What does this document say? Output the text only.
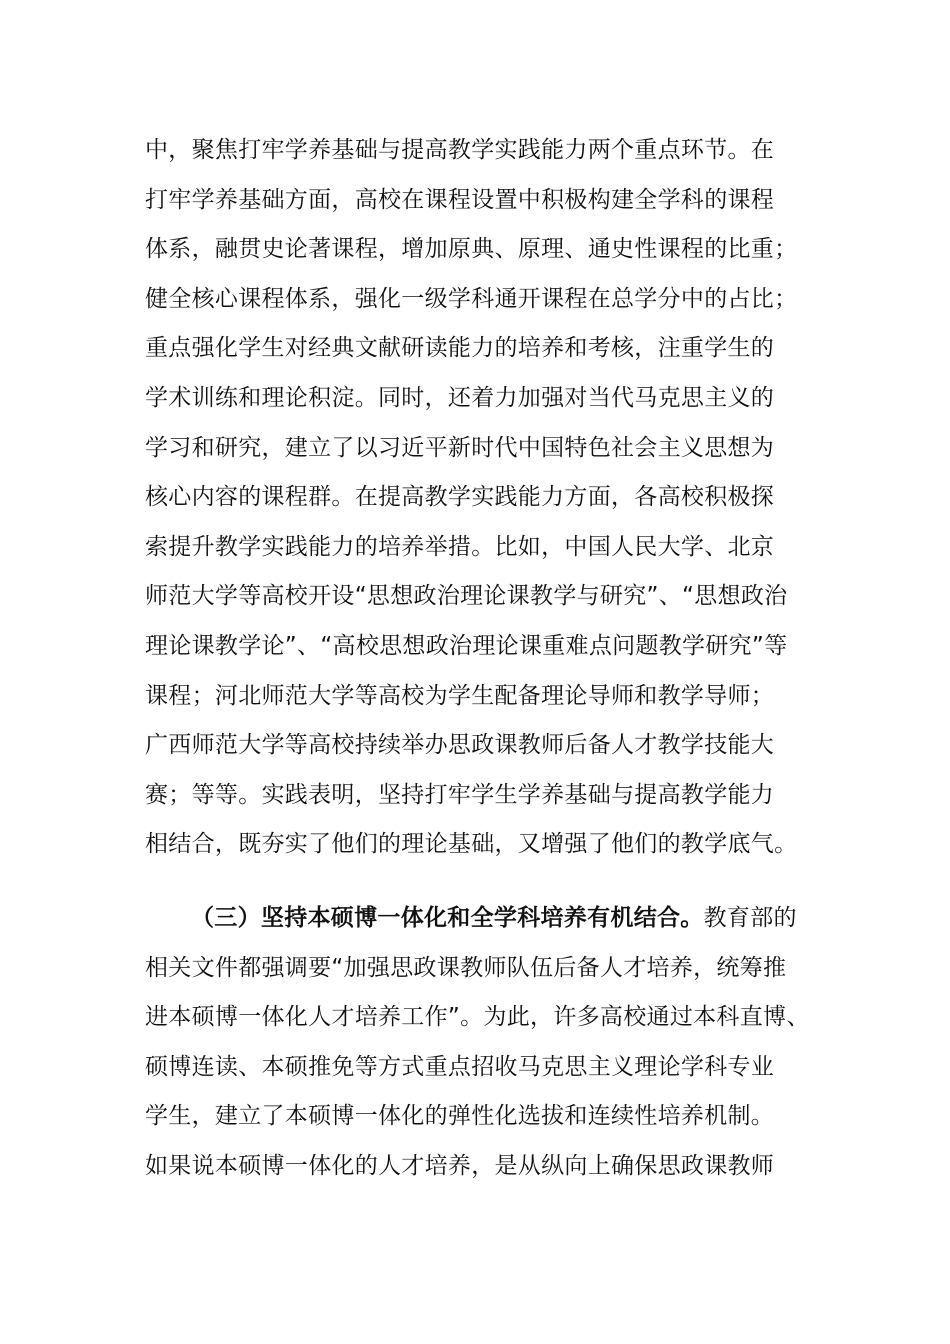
中，聚焦打牢学养基础与提高教学实践能力两个重点环节。在
打牢学养基础方面，高校在课程设置中积极构建全学科的课程
体系，融贯史论著课程，增加原典、原理、通史性课程的比重；
健全核心课程体系，强化一级学科通开课程在总学分中的占比；
重点强化学生对经典文献研读能力的培养和考核，注重学生的
学术训练和理论积淀。同时，还着力加强对当代马克思主义的
学习和研究，建立了以习近平新时代中国特色社会主义思想为
核心内容的课程群。在提高教学实践能力方面，各高校积极探
索提升教学实践能力的培养举措。比如，中国人民大学、北京
师范大学等高校开设“思想政治理论课教学与研究”、“思想政治
理论课教学论”、“高校思想政治理论课重难点问题教学研究”等
课程；河北师范大学等高校为学生配备理论导师和教学导师；
广西师范大学等高校持续举办思政课教师后备人才教学技能大
赛；等等。实践表明，坚持打牢学生学养基础与提高教学能力
相结合，既夯实了他们的理论基础，又增强了他们的教学底气。
（三）坚持本硕博一体化和全学科培养有机结合。教育部的
相关文件都强调要“加强思政课教师队伍后备人才培养，统筹推
进本硕博一体化人才培养工作”。为此，许多高校通过本科直博、
硕博连读、本硕推免等方式重点招收马克思主义理论学科专业
学生，建立了本硕博一体化的弹性化选拔和连续性培养机制。
如果说本硕博一体化的人才培养，是从纵向上确保思政课教师
